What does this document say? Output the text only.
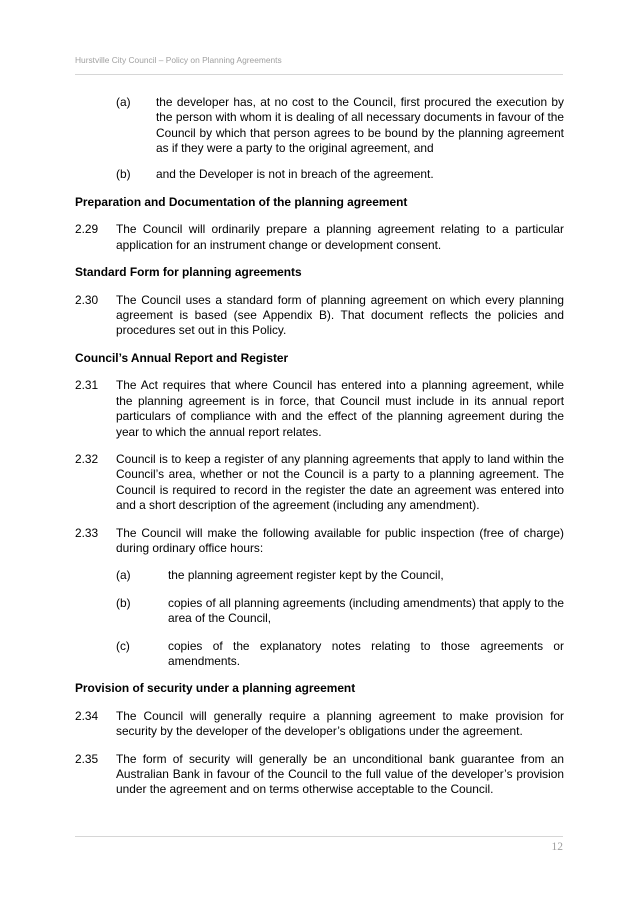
Hurstville City Council – Policy on Planning Agreements
(a)	the developer has, at no cost to the Council, first procured the execution by the person with whom it is dealing of all necessary documents in favour of the Council by which that person agrees to be bound by the planning agreement as if they were a party to the original agreement, and
(b)	and the Developer is not in breach of the agreement.
Preparation and Documentation of the planning agreement
2.29	The Council will ordinarily prepare a planning agreement relating to a particular application for an instrument change or development consent.
Standard Form for planning agreements
2.30	The Council uses a standard form of planning agreement on which every planning agreement is based (see Appendix B). That document reflects the policies and procedures set out in this Policy.
Council’s Annual Report and Register
2.31	The Act requires that where Council has entered into a planning agreement, while the planning agreement is in force, that Council must include in its annual report particulars of compliance with and the effect of the planning agreement during the year to which the annual report relates.
2.32	Council is to keep a register of any planning agreements that apply to land within the Council’s area, whether or not the Council is a party to a planning agreement. The Council is required to record in the register the date an agreement was entered into and a short description of the agreement (including any amendment).
2.33	The Council will make the following available for public inspection (free of charge) during ordinary office hours:
(a)	the planning agreement register kept by the Council,
(b)	copies of all planning agreements (including amendments) that apply to the area of the Council,
(c)	copies of the explanatory notes relating to those agreements or amendments.
Provision of security under a planning agreement
2.34	The Council will generally require a planning agreement to make provision for security by the developer of the developer’s obligations under the agreement.
2.35	The form of security will generally be an unconditional bank guarantee from an Australian Bank in favour of the Council to the full value of the developer’s provision under the agreement and on terms otherwise acceptable to the Council.
12
